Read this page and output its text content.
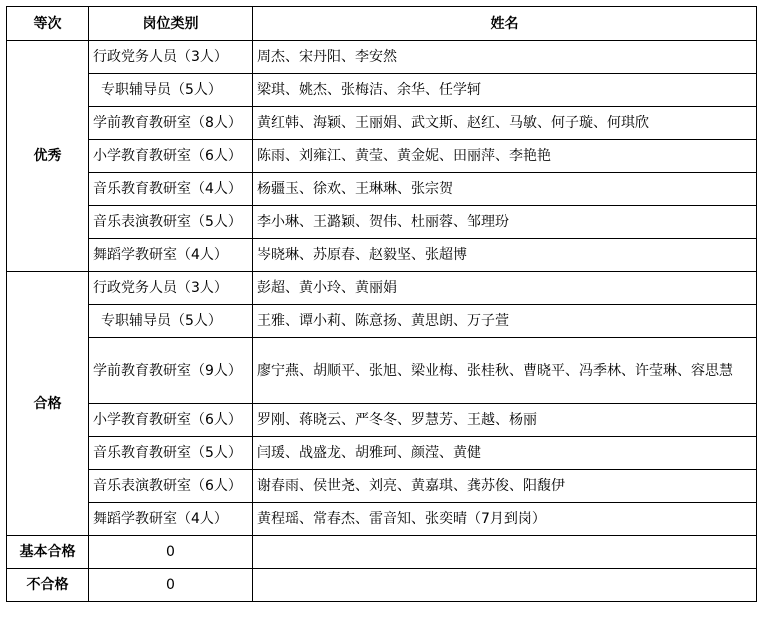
等次	岗位类别	姓名
优秀	行政党务人员（3人）	周杰、宋丹阳、李安然
	专职辅导员（5人）	梁琪、姚杰、张梅洁、余华、任学轲
	学前教育教研室（8人）	黄红韩、海颖、王丽娟、武文斯、赵红、马敏、何子璇、何琪欣
	小学教育教研室（6人）	陈雨、刘雍江、黄莹、黄金妮、田丽萍、李艳艳
	音乐教育教研室（4人）	杨疆玉、徐欢、王琳琳、张宗贺
	音乐表演教研室（5人）	李小琳、王潞颖、贺伟、杜丽蓉、邹理玢
	舞蹈学教研室（4人）	岑晓琳、苏原春、赵毅坚、张超博
合格	行政党务人员（3人）	彭超、黄小玲、黄丽娟
	专职辅导员（5人）	王雅、谭小莉、陈意扬、黄思朗、万子萱
	学前教育教研室（9人）	廖宁燕、胡顺平、张旭、梁业梅、张桂秋、曹晓平、冯季林、许莹琳、容思慧
	小学教育教研室（6人）	罗刚、蒋晓云、严冬冬、罗慧芳、王越、杨丽
	音乐教育教研室（5人）	闫瑗、战盛龙、胡雅珂、颜滢、黄健
	音乐表演教研室（6人）	谢春雨、侯世尧、刘亮、黄嘉琪、龚苏俊、阳馥伊
	舞蹈学教研室（4人）	黄程瑶、常春杰、雷音知、张奕晴（7月到岗）
基本合格	0	
不合格	0	
